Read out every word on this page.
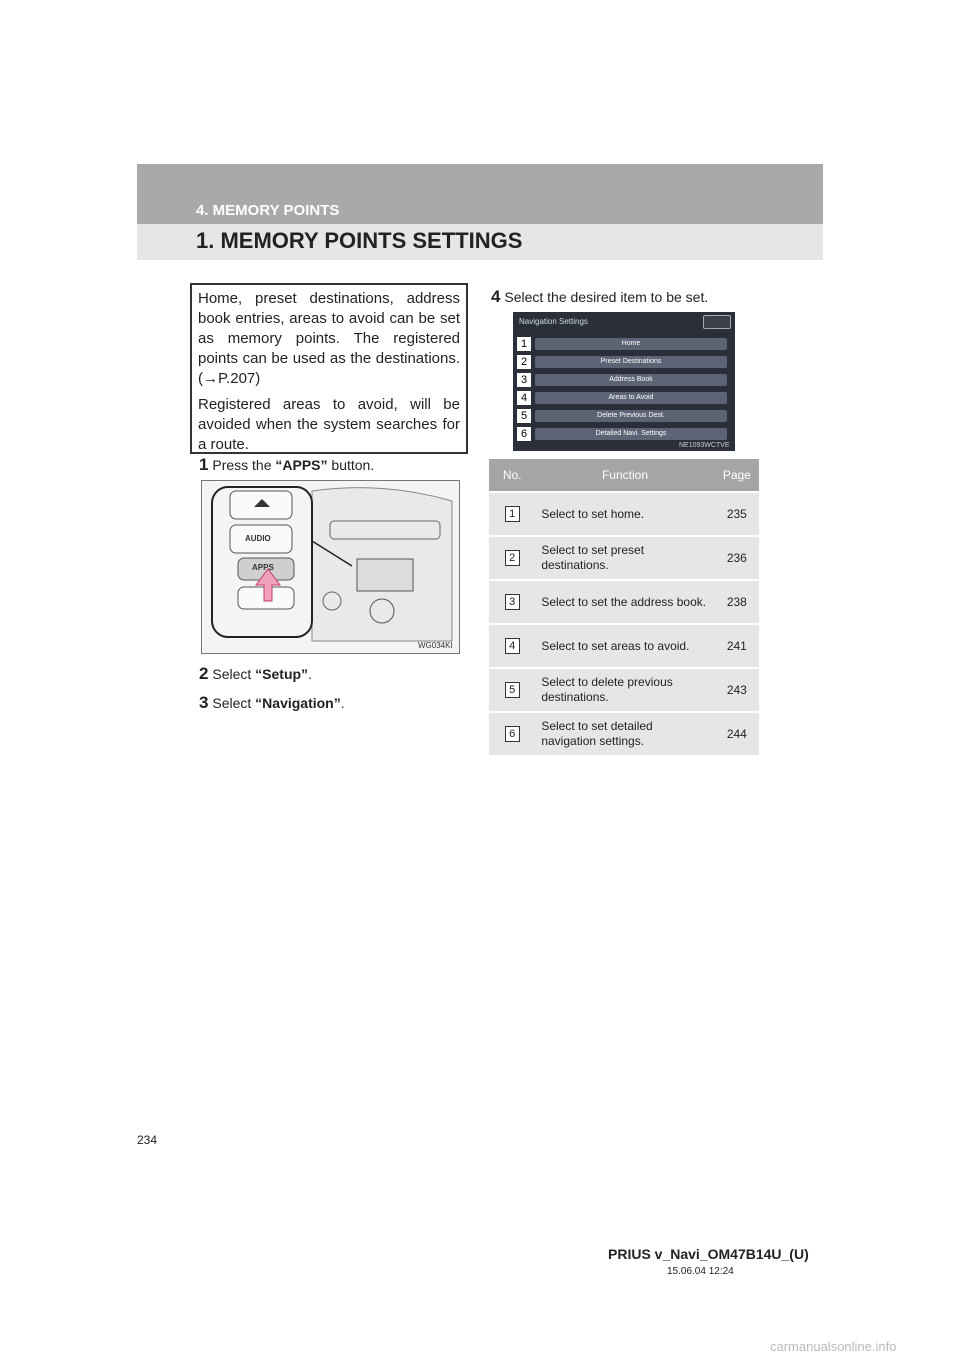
4. MEMORY POINTS
1. MEMORY POINTS SETTINGS

Home, preset destinations, address book entries, areas to avoid can be set as memory points. The registered points can be used as the destinations. (→P.207)

Registered areas to avoid, will be avoided when the system searches for a route.

1 Press the “APPS” button.
AUDIO
APPS
WG034KI
2 Select “Setup”.
3 Select “Navigation”.
4 Select the desired item to be set.
Navigation Settings
1	Home
2	Preset Destinations
3	Address Book
4	Areas to Avoid
5	Delete Previous Dest.
6	Detailed Navi. Settings
NE1093WCTVE
No.	Function	Page
1	Select to set home.	235
2	Select to set preset destinations.	236
3	Select to set the address book.	238
4	Select to set areas to avoid.	241
5	Select to delete previous destinations.	243
6	Select to set detailed navigation settings.	244
234
PRIUS v_Navi_OM47B14U_(U)
15.06.04 12:24
carmanualsonline.info
